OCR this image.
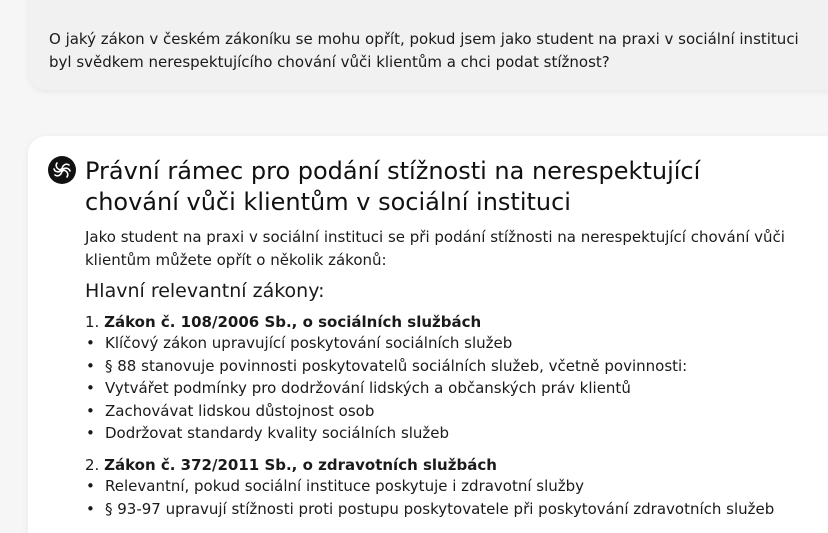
O jaký zákon v českém zákoníku se mohu opřít, pokud jsem jako student na praxi v sociální instituci byl svědkem nerespektujícího chování vůči klientům a chci podat stížnost?
Právní rámec pro podání stížnosti na nerespektující chování vůči klientům v sociální instituci

Jako student na praxi v sociální instituci se při podání stížnosti na nerespektující chování vůči klientům můžete opřít o několik zákonů:

Hlavní relevantní zákony:
1. Zákon č. 108/2006 Sb., o sociálních službách
• Klíčový zákon upravující poskytování sociálních služeb
• § 88 stanovuje povinnosti poskytovatelů sociálních služeb, včetně povinnosti:
• Vytvářet podmínky pro dodržování lidských a občanských práv klientů
• Zachovávat lidskou důstojnost osob
• Dodržovat standardy kvality sociálních služeb
2. Zákon č. 372/2011 Sb., o zdravotních službách
• Relevantní, pokud sociální instituce poskytuje i zdravotní služby
• § 93-97 upravují stížnosti proti postupu poskytovatele při poskytování zdravotních služeb
